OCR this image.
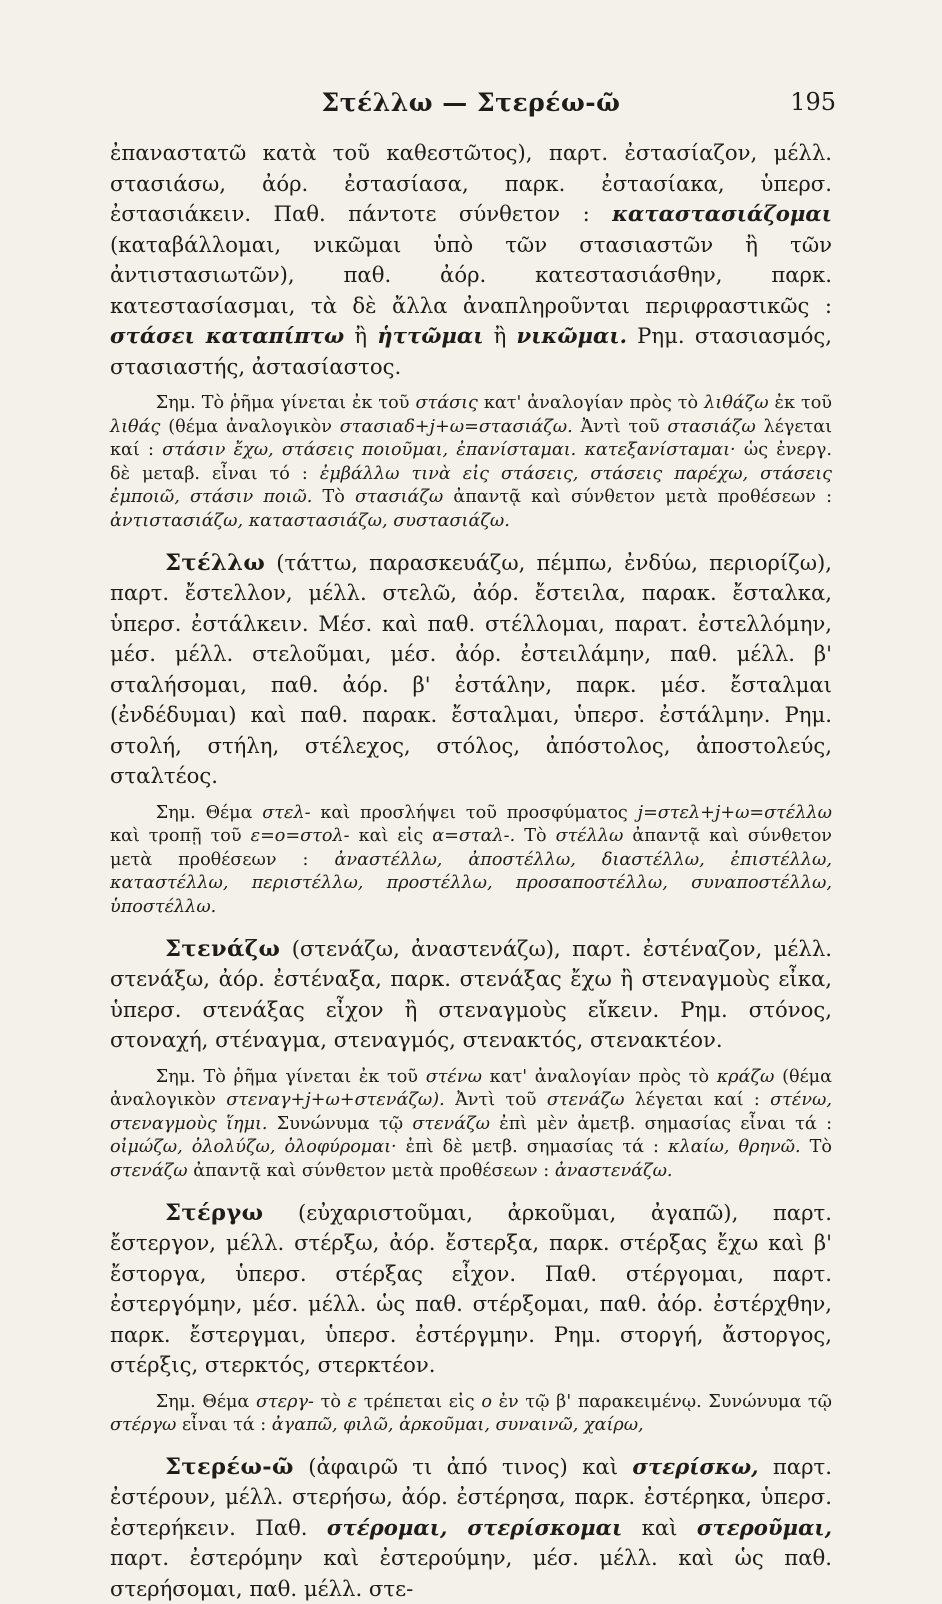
Στέλλω — Στερέω-ῶ	195

ἐπαναστατῶ κατὰ τοῦ καθεστῶτος), παρτ. ἐστασίαζον, μέλλ. στασιάσω, ἀόρ. ἐστασίασα, παρκ. ἐστασίακα, ὑπερσ. ἐστασιάκειν. Παθ. πάντοτε σύνθετον : καταστασιάζομαι (καταβάλλομαι, νικῶμαι ὑπὸ τῶν στασιαστῶν ἢ τῶν ἀντιστασιωτῶν), παθ. ἀόρ. κατεστασιάσθην, παρκ. κατεστασίασμαι, τὰ δὲ ἄλλα ἀναπληροῦνται περιφραστικῶς : στάσει καταπίπτω ἢ ἡττῶμαι ἢ νικῶμαι. Ρημ. στασιασμός, στασιαστής, ἀστασίαστος.

Σημ. Τὸ ῥῆμα γίνεται ἐκ τοῦ στάσις κατ' ἀναλογίαν πρὸς τὸ λιθάζω ἐκ τοῦ λιθάς (θέμα ἀναλογικὸν στασιαδ+j+ω=στασιάζω. Ἀντὶ τοῦ στασιάζω λέγεται καί : στάσιν ἔχω, στάσεις ποιοῦμαι, ἐπανίσταμαι. κατεξανίσταμαι· ὡς ἐνεργ. δὲ μεταβ. εἶναι τό : ἐμβάλλω τινὰ εἰς στάσεις, στάσεις παρέχω, στάσεις ἐμποιῶ, στάσιν ποιῶ. Τὸ στασιάζω ἀπαντᾷ καὶ σύνθετον μετὰ προθέσεων : ἀντιστασιάζω, καταστασιάζω, συστασιάζω.

Στέλλω (τάττω, παρασκευάζω, πέμπω, ἐνδύω, περιορίζω), παρτ. ἔστελλον, μέλλ. στελῶ, ἀόρ. ἔστειλα, παρακ. ἔσταλκα, ὑπερσ. ἐστάλκειν. Μέσ. καὶ παθ. στέλλομαι, παρατ. ἐστελλόμην, μέσ. μέλλ. στελοῦμαι, μέσ. ἀόρ. ἐστειλάμην, παθ. μέλλ. β' σταλήσομαι, παθ. ἀόρ. β' ἐστάλην, παρκ. μέσ. ἔσταλμαι (ἐνδέδυμαι) καὶ παθ. παρακ. ἔσταλμαι, ὑπερσ. ἐστάλμην. Ρημ. στολή, στήλη, στέλεχος, στόλος, ἀπόστολος, ἀποστολεύς, σταλτέος.

Σημ. Θέμα στελ- καὶ προσλήψει τοῦ προσφύματος j=στελ+j+ω=στέλλω καὶ τροπῇ τοῦ ε=ο=στολ- καὶ εἰς α=σταλ-. Τὸ στέλλω ἀπαντᾷ καὶ σύνθετον μετὰ προθέσεων : ἀναστέλλω, ἀποστέλλω, διαστέλλω, ἐπιστέλλω, καταστέλλω, περιστέλλω, προστέλλω, προσαποστέλλω, συναποστέλλω, ὑποστέλλω.

Στενάζω (στενάζω, ἀναστενάζω), παρτ. ἐστέναζον, μέλλ. στενάξω, ἀόρ. ἐστέναξα, παρκ. στενάξας ἔχω ἢ στεναγμοὺς εἶκα, ὑπερσ. στενάξας εἶχον ἢ στεναγμοὺς εἴκειν. Ρημ. στόνος, στοναχή, στέναγμα, στεναγμός, στενακτός, στενακτέον.

Σημ. Τὸ ῥῆμα γίνεται ἐκ τοῦ στένω κατ' ἀναλογίαν πρὸς τὸ κράζω (θέμα ἀναλογικὸν στεναγ+j+ω+στενάζω). Ἀντὶ τοῦ στενάζω λέγεται καί : στένω, στεναγμοὺς ἵημι. Συνώνυμα τῷ στενάζω ἐπὶ μὲν ἀμετβ. σημασίας εἶναι τά : οἰμώζω, ὀλολύζω, ὀλοφύρομαι· ἐπὶ δὲ μετβ. σημασίας τά : κλαίω, θρηνῶ. Τὸ στενάζω ἀπαντᾷ καὶ σύνθετον μετὰ προθέσεων : ἀναστενάζω.

Στέργω (εὐχαριστοῦμαι, ἀρκοῦμαι, ἀγαπῶ), παρτ. ἔστεργον, μέλλ. στέρξω, ἀόρ. ἔστερξα, παρκ. στέρξας ἔχω καὶ β' ἔστοργα, ὑπερσ. στέρξας εἶχον. Παθ. στέργομαι, παρτ. ἐστεργόμην, μέσ. μέλλ. ὡς παθ. στέρξομαι, παθ. ἀόρ. ἐστέρχθην, παρκ. ἔστεργμαι, ὑπερσ. ἐστέργμην. Ρημ. στοργή, ἄστοργος, στέρξις, στερκτός, στερκτέον.

Σημ. Θέμα στεργ- τὸ ε τρέπεται εἰς ο ἐν τῷ β' παρακειμένῳ. Συνώνυμα τῷ στέργω εἶναι τά : ἀγαπῶ, φιλῶ, ἀρκοῦμαι, συναινῶ, χαίρω,

Στερέω-ῶ (ἀφαιρῶ τι ἀπό τινος) καὶ στερίσκω, παρτ. ἐστέρουν, μέλλ. στερήσω, ἀόρ. ἐστέρησα, παρκ. ἐστέρηκα, ὑπερσ. ἐστερήκειν. Παθ. στέρομαι, στερίσκομαι καὶ στεροῦμαι, παρτ. ἐστερόμην καὶ ἐστερούμην, μέσ. μέλλ. καὶ ὡς παθ. στερήσομαι, παθ. μέλλ. στε-
